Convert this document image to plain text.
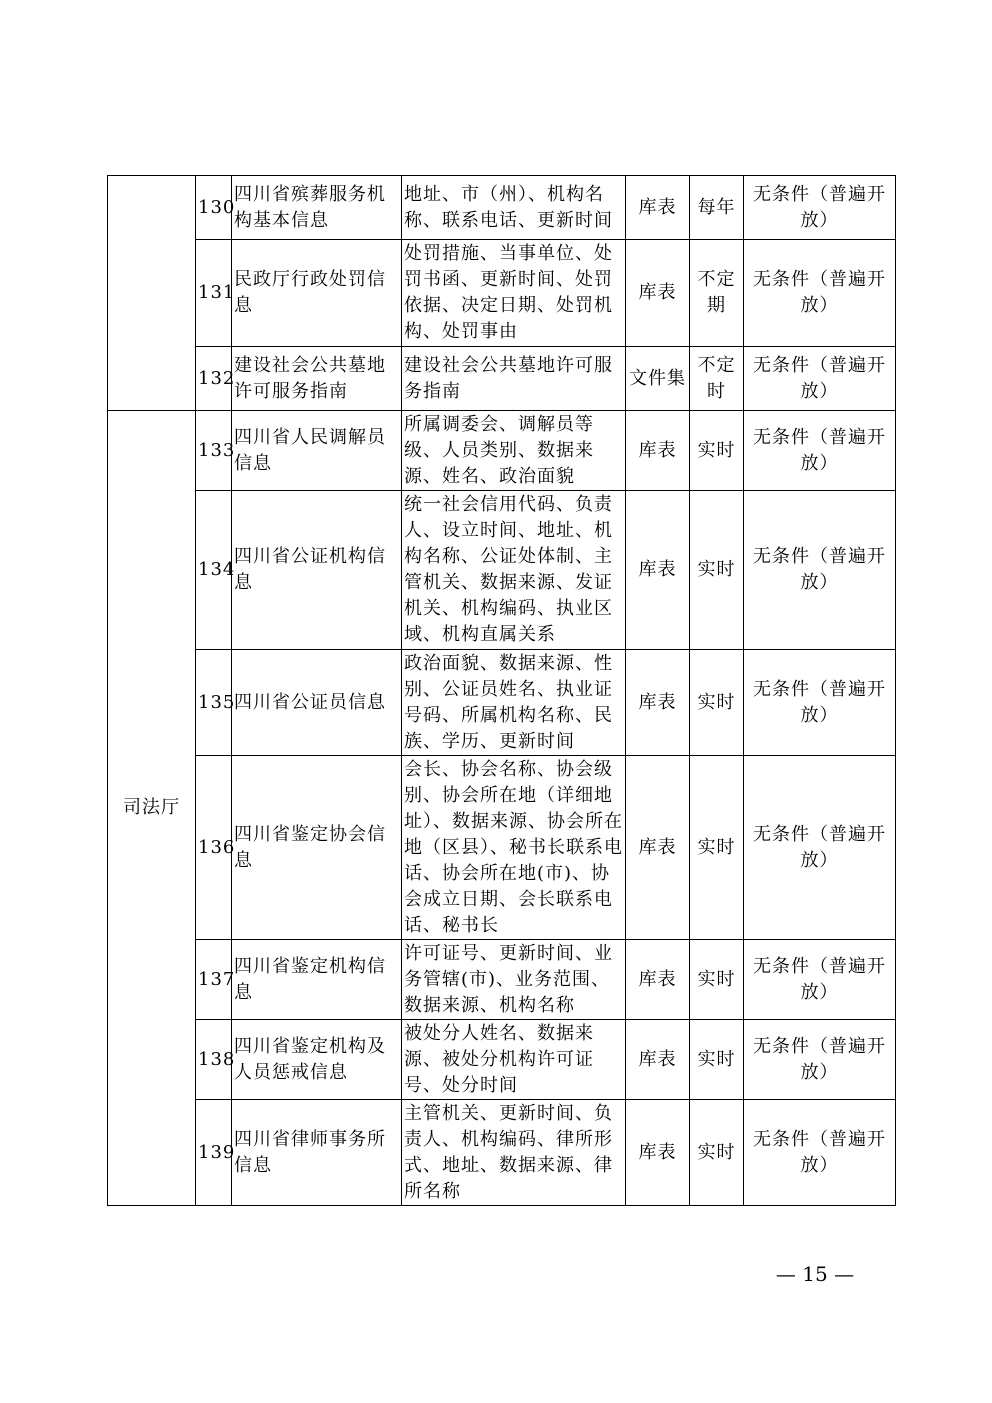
	130	四川省殡葬服务机构基本信息	地址、市（州）、机构名称、联系电话、更新时间	库表	每年	无条件（普遍开放）
	131	民政厅行政处罚信息	处罚措施、当事单位、处罚书函、更新时间、处罚依据、决定日期、处罚机构、处罚事由	库表	不定期	无条件（普遍开放）
	132	建设社会公共墓地许可服务指南	建设社会公共墓地许可服务指南	文件集	不定时	无条件（普遍开放）
司法厅	133	四川省人民调解员信息	所属调委会、调解员等级、人员类别、数据来源、姓名、政治面貌	库表	实时	无条件（普遍开放）
	134	四川省公证机构信息	统一社会信用代码、负责人、设立时间、地址、机构名称、公证处体制、主管机关、数据来源、发证机关、机构编码、执业区域、机构直属关系	库表	实时	无条件（普遍开放）
	135	四川省公证员信息	政治面貌、数据来源、性别、公证员姓名、执业证号码、所属机构名称、民族、学历、更新时间	库表	实时	无条件（普遍开放）
	136	四川省鉴定协会信息	会长、协会名称、协会级别、协会所在地（详细地址）、数据来源、协会所在地（区县）、秘书长联系电话、协会所在地(市)、协会成立日期、会长联系电话、秘书长	库表	实时	无条件（普遍开放）
	137	四川省鉴定机构信息	许可证号、更新时间、业务管辖(市)、业务范围、数据来源、机构名称	库表	实时	无条件（普遍开放）
	138	四川省鉴定机构及人员惩戒信息	被处分人姓名、数据来源、被处分机构许可证号、处分时间	库表	实时	无条件（普遍开放）
	139	四川省律师事务所信息	主管机关、更新时间、负责人、机构编码、律所形式、地址、数据来源、律所名称	库表	实时	无条件（普遍开放）
— 15 —
